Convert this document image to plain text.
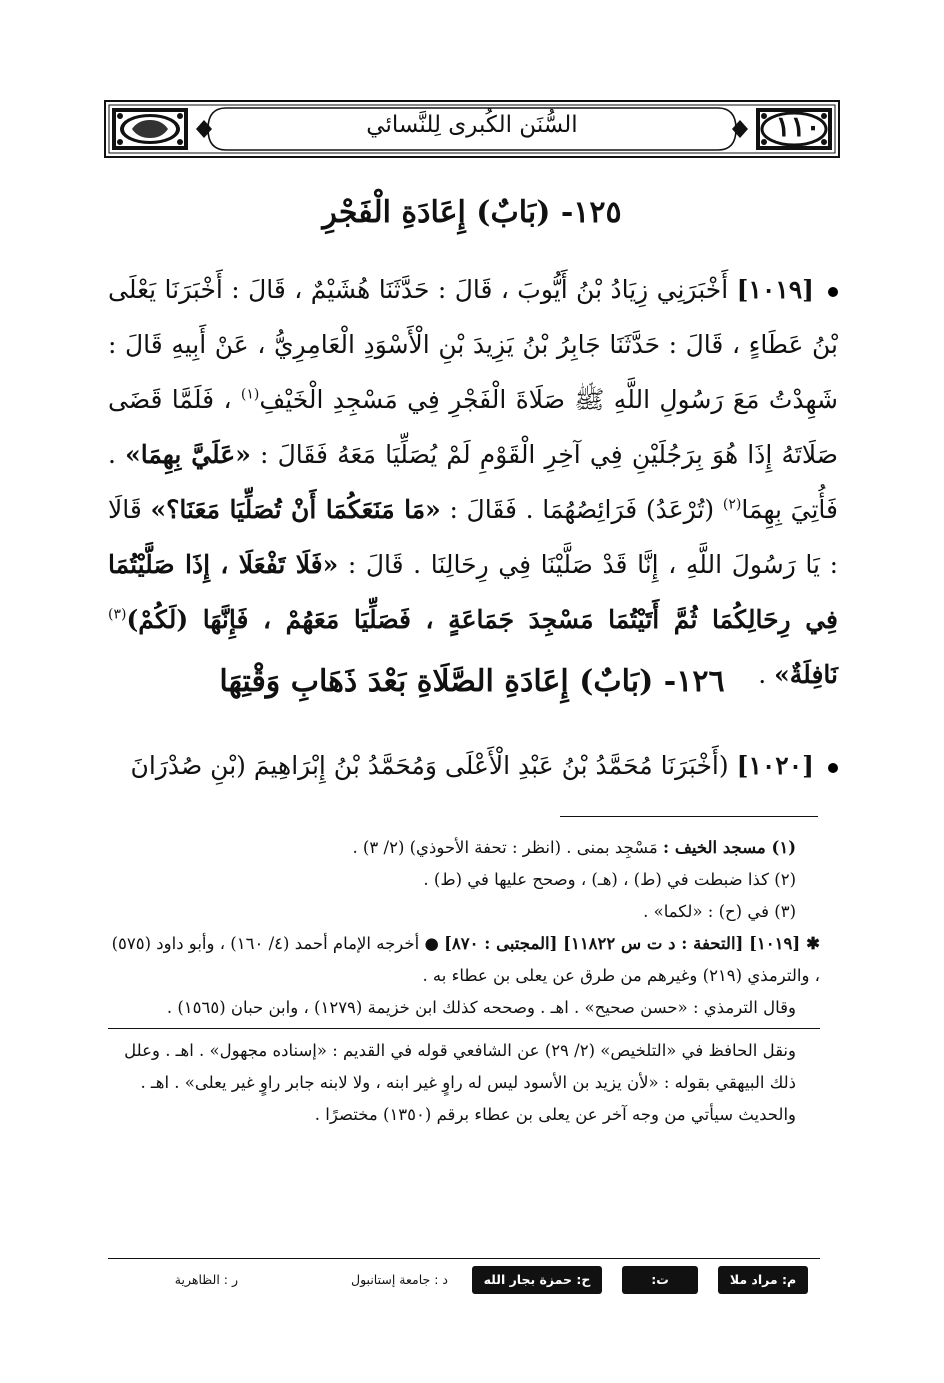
السُّنَن الكُبرى لِلنَّسائي	١١٠
١٢٥- (بَابٌ) إِعَادَةِ الْفَجْرِ
[١٠١٩] أَخْبَرَنِي زِيَادُ بْنُ أَيُّوبَ ، قَالَ : حَدَّثَنَا هُشَيْمٌ ، قَالَ : أَخْبَرَنَا يَعْلَى بْنُ عَطَاءٍ ، قَالَ : حَدَّثَنَا جَابِرُ بْنُ يَزِيدَ بْنِ الْأَسْوَدِ الْعَامِرِيُّ ، عَنْ أَبِيهِ قَالَ : شَهِدْتُ مَعَ رَسُولِ اللَّهِ ﷺ صَلَاةَ الْفَجْرِ فِي مَسْجِدِ الْخَيْفِ$^{(١)}$ ، فَلَمَّا قَضَى صَلَاتَهُ إِذَا هُوَ بِرَجُلَيْنِ فِي آخِرِ الْقَوْمِ لَمْ يُصَلِّيَا مَعَهُ فَقَالَ : «عَلَيَّ بِهِمَا» . فَأُتِيَ بِهِمَا$^{(٢)}$ (تُرْعَدُ) فَرَائِصُهُمَا . فَقَالَ : «مَا مَنَعَكُمَا أَنْ تُصَلِّيَا مَعَنَا؟» قَالَا : يَا رَسُولَ اللَّهِ ، إِنَّا قَدْ صَلَّيْنَا فِي رِحَالِنَا . قَالَ : «فَلَا تَفْعَلَا ، إِذَا صَلَّيْتُمَا فِي رِحَالِكُمَا ثُمَّ أَتَيْتُمَا مَسْجِدَ جَمَاعَةٍ ، فَصَلِّيَا مَعَهُمْ ، فَإِنَّهَا (لَكُمْ)$^{(٣)}$ نَافِلَةٌ» .
١٢٦- (بَابٌ) إِعَادَةِ الصَّلَاةِ بَعْدَ ذَهَابِ وَقْتِهَا
[١٠٢٠] (أَخْبَرَنَا مُحَمَّدُ بْنُ عَبْدِ الْأَعْلَى وَمُحَمَّدُ بْنُ إِبْرَاهِيمَ (بْنِ صُدْرَانَ

(١) مسجد الخيف : مَسْجِد بمنى . (انظر : تحفة الأحوذي) (٢/ ٣) .

(٢) كذا ضبطت في (ط) ، (هـ) ، وصحح عليها في (ط) .

(٣) في (ح) : «لكما» .

✱[١٠١٩] [التحفة : د ت س ١١٨٢٢] [المجتبى : ٨٧٠] ● أخرجه الإمام أحمد (٤/ ١٦٠) ، وأبو داود (٥٧٥) ، والترمذي (٢١٩) وغيرهم من طرق عن يعلى بن عطاء به .

وقال الترمذي : «حسن صحيح» . اهـ . وصححه كذلك ابن خزيمة (١٢٧٩) ، وابن حبان (١٥٦٥) .

ونقل الحافظ في «التلخيص» (٢/ ٢٩) عن الشافعي قوله في القديم : «إسناده مجهول» . اهـ . وعلل ذلك البيهقي بقوله : «لأن يزيد بن الأسود ليس له راوٍ غير ابنه ، ولا لابنه جابر راوٍ غير يعلى» . اهـ .

والحديث سيأتي من وجه آخر عن يعلى بن عطاء برقم (١٣٥٠) مختصرًا .

م: مراد ملا
ت: تطوان
ح: حمزة بجار الله
د : جامعة إستانبول
ر : الظاهرية
